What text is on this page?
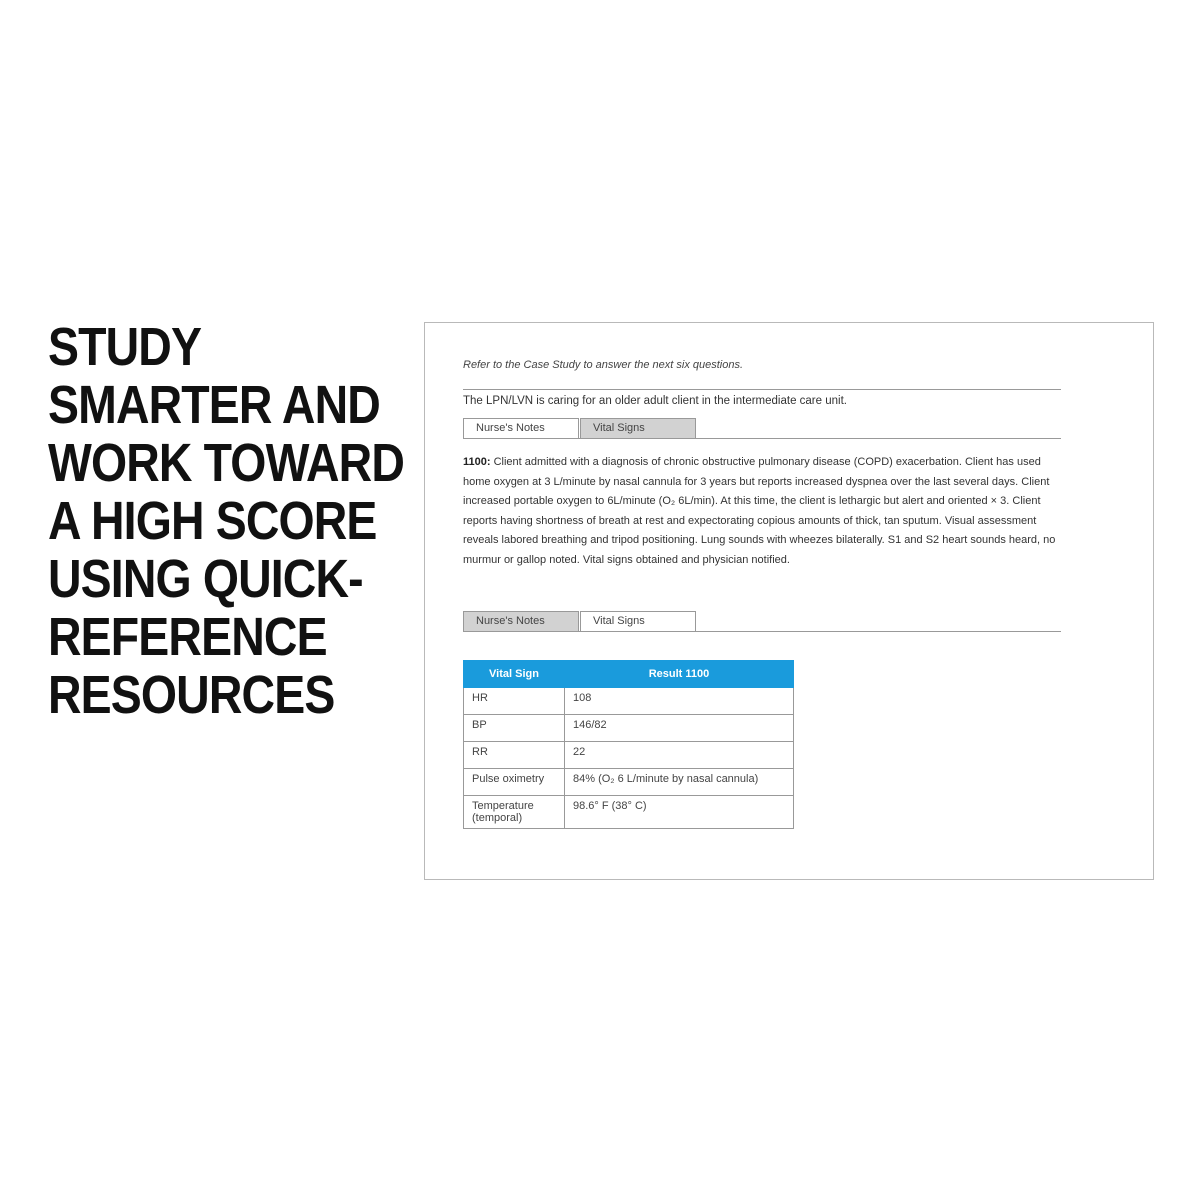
STUDY
SMARTER AND
WORK TOWARD
A HIGH SCORE
USING QUICK-
REFERENCE
RESOURCES
Refer to the Case Study to answer the next six questions.
The LPN/LVN is caring for an older adult client in the intermediate care unit.
Nurse's Notes	Vital Signs

1100: Client admitted with a diagnosis of chronic obstructive pulmonary disease (COPD) exacerbation. Client has used home oxygen at 3 L/minute by nasal cannula for 3 years but reports increased dyspnea over the last several days. Client increased portable oxygen to 6L/minute (O₂ 6L/min). At this time, the client is lethargic but alert and oriented × 3. Client reports having shortness of breath at rest and expectorating copious amounts of thick, tan sputum. Visual assessment reveals labored breathing and tripod positioning. Lung sounds with wheezes bilaterally. S1 and S2 heart sounds heard, no murmur or gallop noted. Vital signs obtained and physician notified.

Nurse's Notes	Vital Signs
Vital Sign	Result 1100
HR	108
BP	146/82
RR	22
Pulse oximetry	84% (O₂ 6 L/minute by nasal cannula)
Temperature (temporal)	98.6° F (38° C)
